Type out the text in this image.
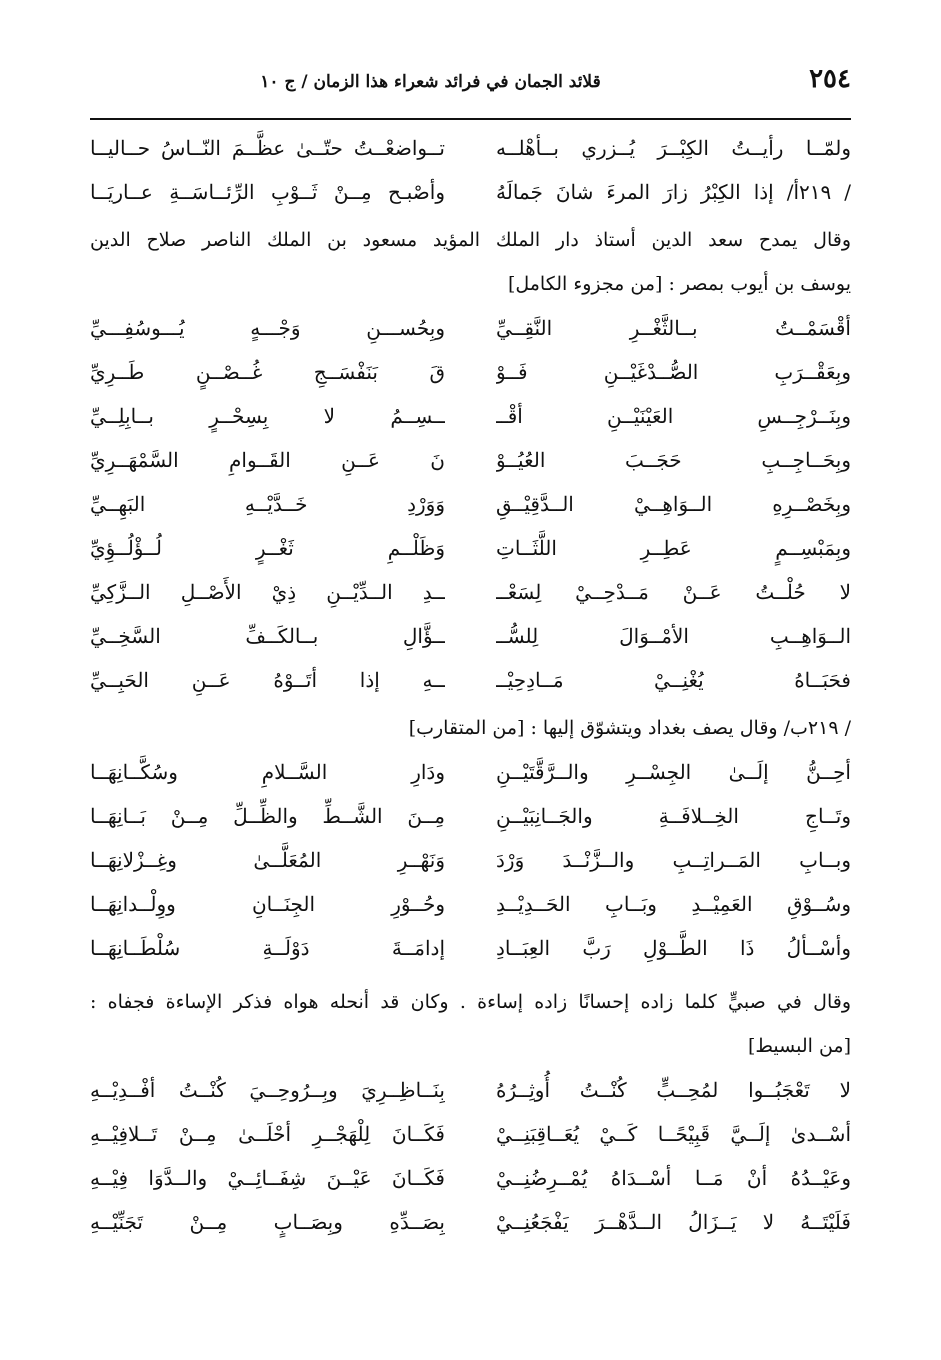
٢٥٤
قلائد الجمان في فرائد شعراء هذا الزمان / ج ١٠
ولمّــا رأيــتُ الكِبْــرَ يُــزري بــأهْلــه
تــواضعْــتُ حتّــىٰ عظَّــمَ النّــاسُ حــاليــا
/ ٢١٩أ/ إذا الكِبْرُ زارَ المرءَ شانَ جَمالَهُ
وأصْبـح مِــنْ ثَــوْبِ الرِّئــاسَــةِ عــاريَــا
وقال يمدح سعد الدين أستاذ دار الملك المؤيد مسعود بن الملك الناصر صلاح الدين
يوسف بن أيوب بمصر : [من مجزوء الكامل]
أقْسَمْــتُ بــالثَّغْــرِ النَّقِــيِّ
وبِحُســـنِ وَجْـــهٍ يُـــوسُفِـــيِّ
وبِعَقْــرَبِ الصُّــدْغَيْــنِ فَــوْ
قَ بَنَفْسَــجِ غُــصْــنٍ طَــرِيِّ
وبِنَــرْجِــسِ العَيْنَيْــنِ أقْــ
ــسِــمُ لا بِسِحْــرٍ بــابِلِــيِّ
وبِحَــاجِــبِ حَجَــبَ العُيُــوْ
نَ عَــنِ القَــوامِ السَّمْهَــرِيِّ
وبِخَصْــرِهِ الــوَاهِــيْ الــدَّقِيْــقِ
وَوَرْدِ خَــدَّيْــهِ البَهِــيِّ
وبِمَبْسِــمٍ عَطِــرِ اللَّثَــاتِ
وَظَلْــمِ ثَغْــرٍ لُــؤْلُــؤِيِّ
لا حُلْــتُ عَــنْ مَــدْحِــيْ لِسَعْــ
ــدِ الــدِّيْــنِ ذِيْ الأَصْــلِ الــزَّكِيِّ
الــوَاهِــبِ الأمْــوَالَ لِلسُّــ
ــؤَّالِ بــالكَــفِّ السَّخِــيِّ
فحَبَــاهُ يُغْنِــيْ مَــادِحِيْــ
ــهِ إذا أتَــوْهُ عَــنِ الحَبِــيِّ
/ ٢١٩ب/ وقال يصف بغداد ويتشوّق إليها : [من المتقارب]
أحِــنُّ إلَــىٰ الجِسْــرِ والــرَّقَّتَيْــنِ
ودَارِ السَّــلامِ وسُكَّــانِهَــا
وتَــاجِ الخِــلافَــةِ والجَــانِبَيْــنِ
مِــنَ الشَّــطِّ والظِّــلِّ مِــنْ بَــانِهَــا
وبــابِ المَــراتِــبِ والــزَّنْــدَ وَرْدَ
وَنَهْــرِ المُعَلَّــىٰ وغِــزْلانِهَــا
وسُــوْقِ العَمِيْــدِ وبَــابِ الحَــدِيْــدِ
وحُــوْرِ الجِنَــانِ ووِلْــدانِهَــا
وأسْــألُ ذَا الطَّــوْلِ رَبَّ العِبَــادِ
إدامَــةَ دَوْلَــةِ سُلْطَــانِهَــا
وقال في صبيٍّ كلما زاده إحسانًا زاده إساءة . وكان قد أنحله هواه فذكر الإساءة فجفاه :
[من البسيط]
لا تَعْجَبُــوا لمُحِــبٍّ كُنْــتُ أُوثِــرُهُ
بِنَــاظِــرِيَ وبِــرُوحِــيَ كُنْــتُ أفْــدِيْــهِ
أسْــدىٰ إلَــيَّ قَبِيْحًــا كَــيْ يُعَــاقِبَنِــيْ
فَكَــانَ لِلْهَجْــرِ أحْلَــىٰ مِــنْ تَــلافِيْــهِ
وعَيْــدُهُ أنْ مَــا أسْــدَاهُ يُمْــرِضُنِــيْ
فَكَــانَ عَيْــنَ شِفَــائِــيْ والــدَّوَا فِيْــهِ
فَلَيْتَــهُ لا يَــزَالُ الــدَّهْــرَ يَفْجَعُنِــيْ
بِصَــدِّهِ وبِصَــابٍ مِــنْ تَجَنِّيْــهِ
